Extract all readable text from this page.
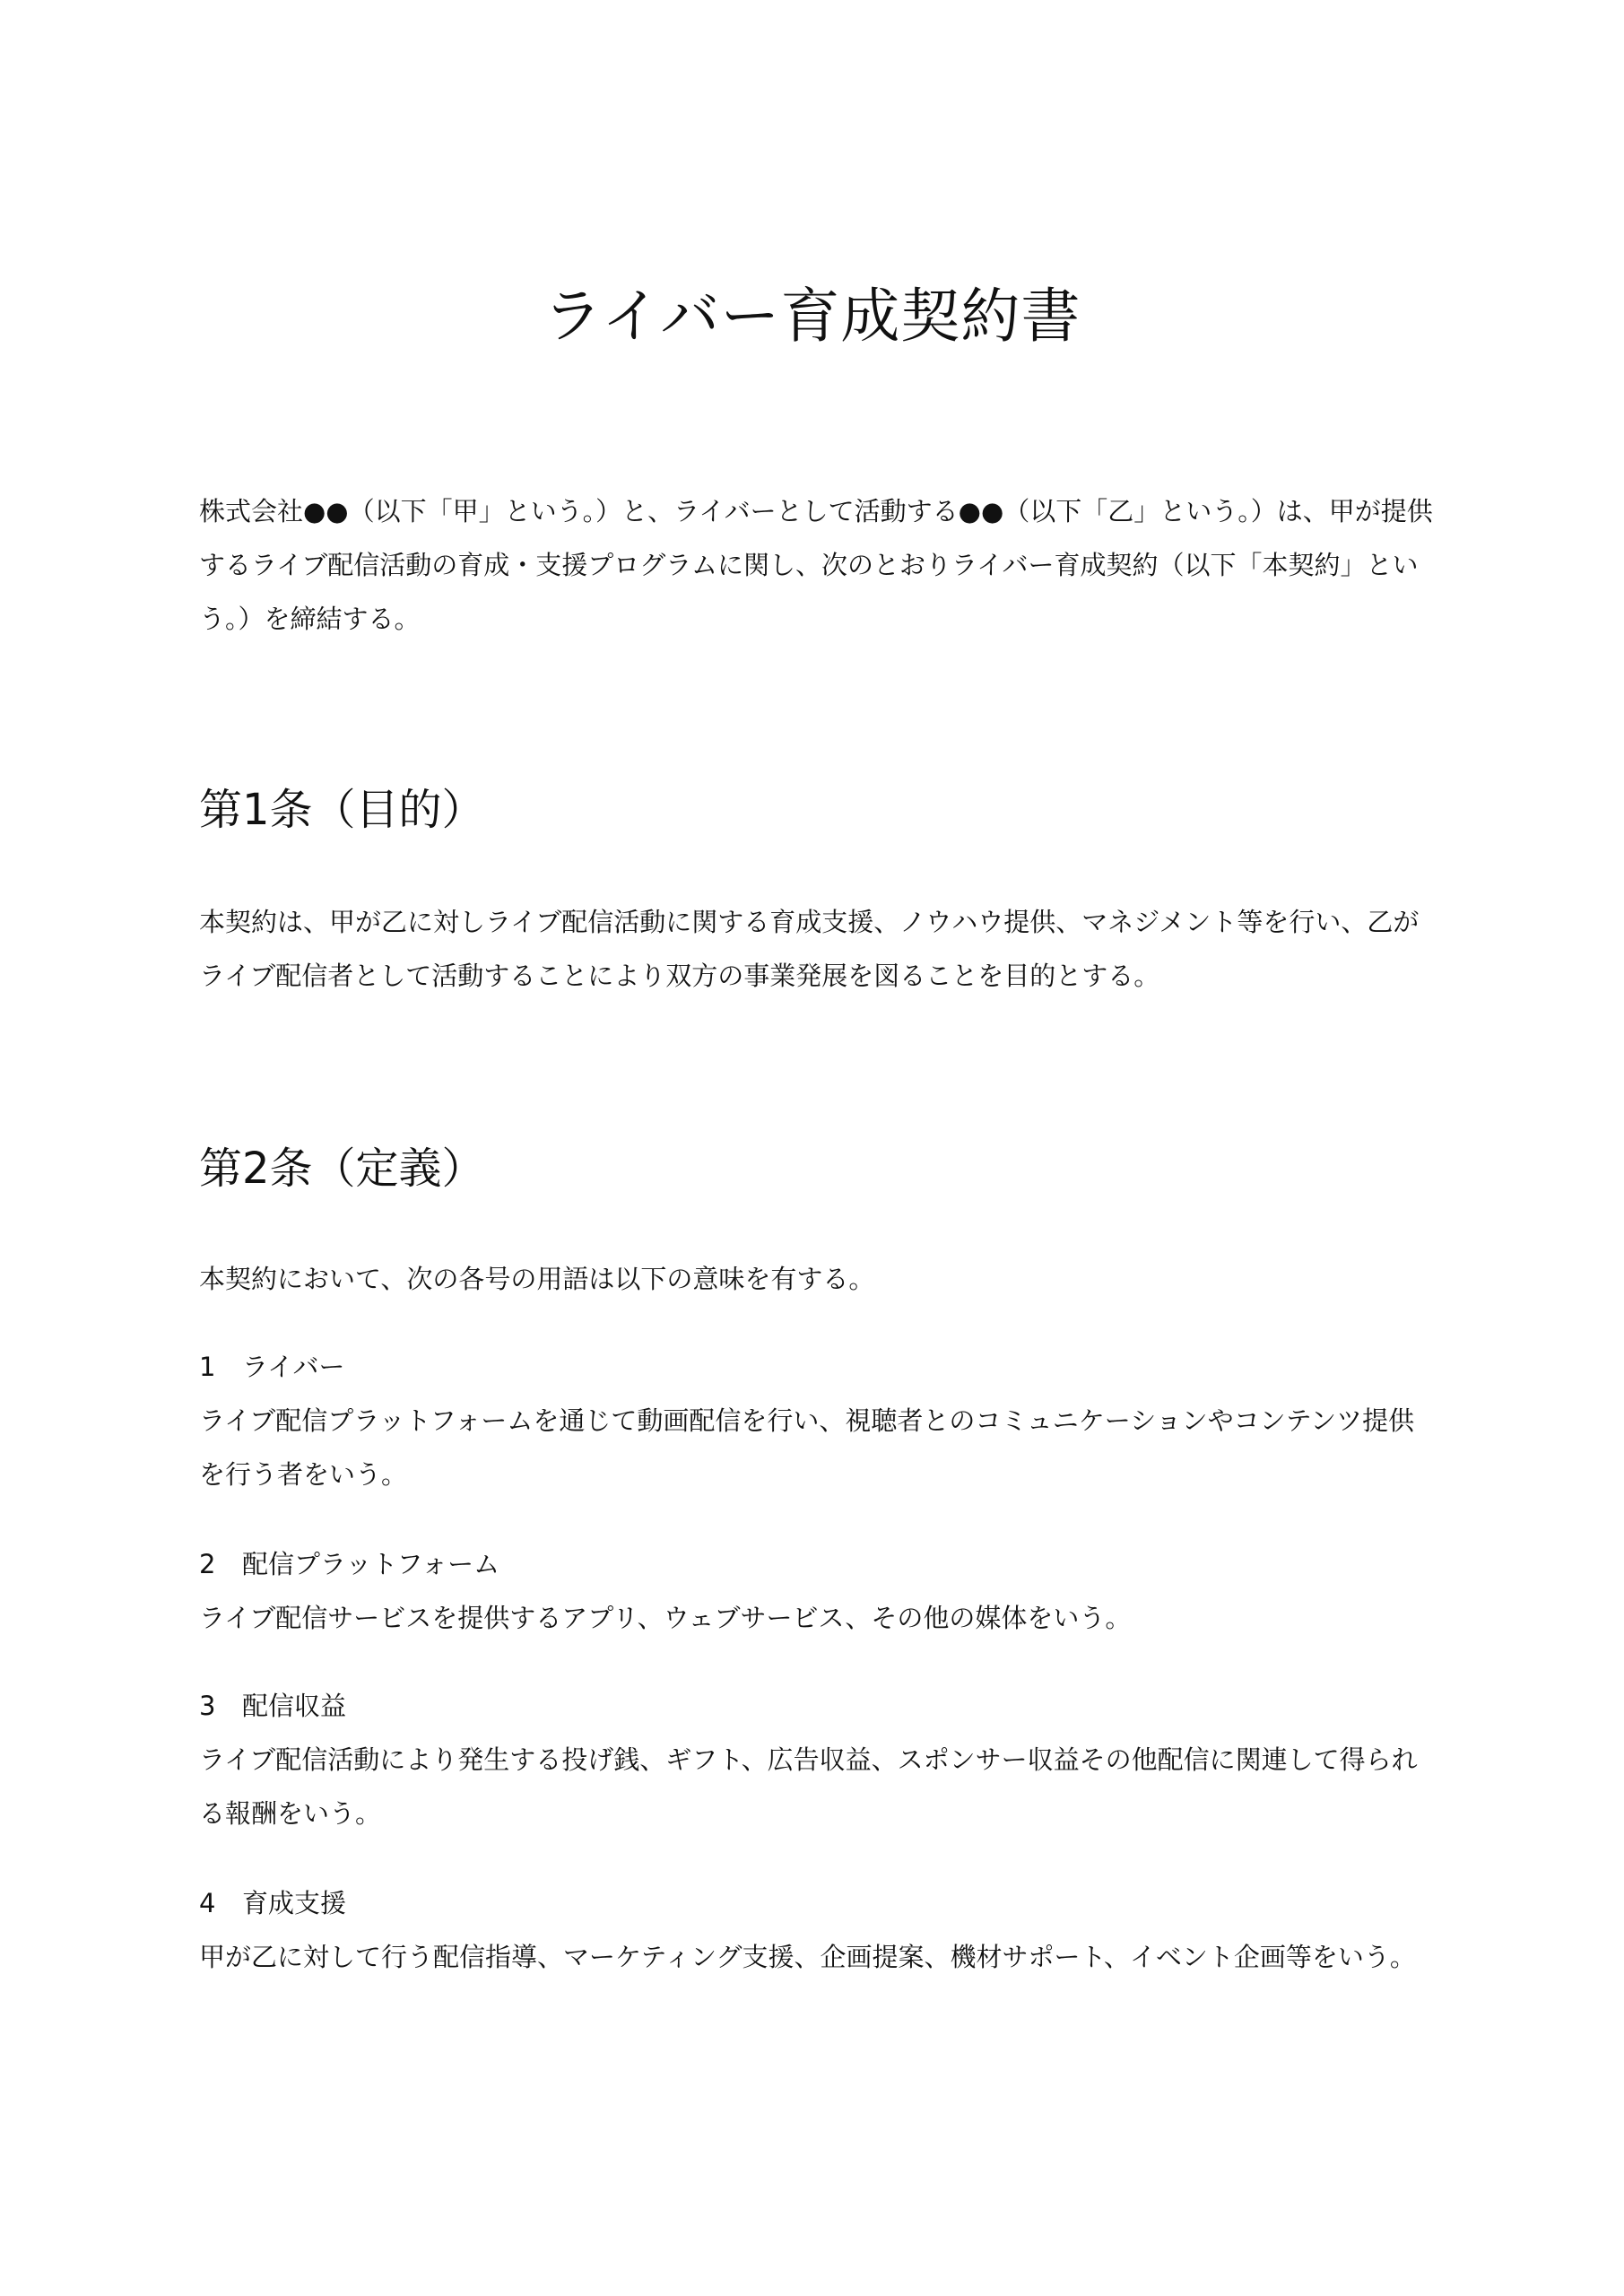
ライバー育成契約書

株式会社●●（以下「甲」という。）と、ライバーとして活動する●●（以下「乙」という。）は、甲が提供するライブ配信活動の育成・支援プログラムに関し、次のとおりライバー育成契約（以下「本契約」という。）を締結する。

第1条（目的）

本契約は、甲が乙に対しライブ配信活動に関する育成支援、ノウハウ提供、マネジメント等を行い、乙がライブ配信者として活動することにより双方の事業発展を図ることを目的とする。

第2条（定義）

本契約において、次の各号の用語は以下の意味を有する。

1 ライバー

ライブ配信プラットフォームを通じて動画配信を行い、視聴者とのコミュニケーションやコンテンツ提供を行う者をいう。

2 配信プラットフォーム

ライブ配信サービスを提供するアプリ、ウェブサービス、その他の媒体をいう。

3 配信収益

ライブ配信活動により発生する投げ銭、ギフト、広告収益、スポンサー収益その他配信に関連して得られる報酬をいう。

4 育成支援

甲が乙に対して行う配信指導、マーケティング支援、企画提案、機材サポート、イベント企画等をいう。
